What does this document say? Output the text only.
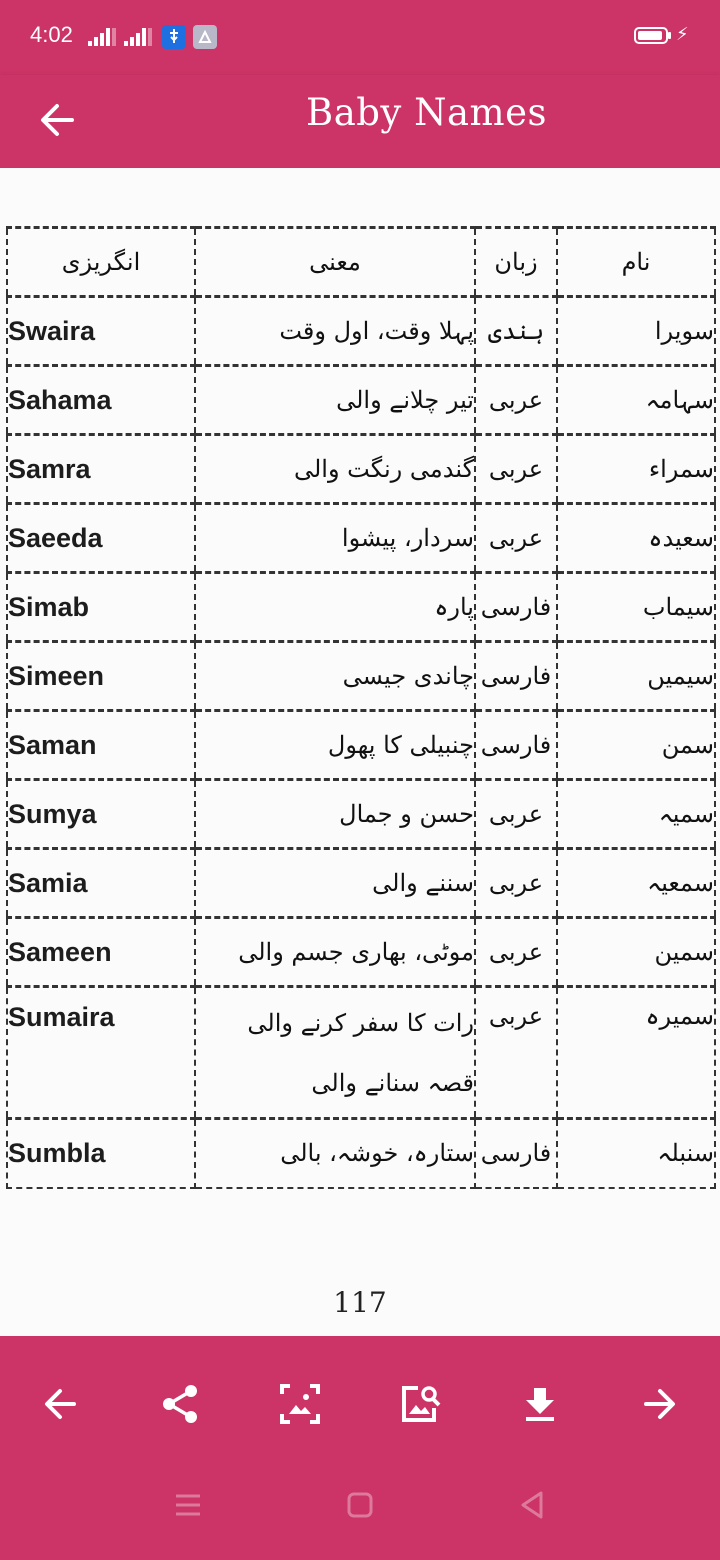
4:02	⚡
Baby Names
انگریزی	معنی	زبان	نام
Swaira	پہلا وقت، اول وقت	ہندی	سویرا
Sahama	تیر چلانے والی	عربی	سہامہ
Samra	گندمی رنگت والی	عربی	سمراء
Saeeda	سردار، پیشوا	عربی	سعیدہ
Simab	پارہ	فارسی	سیماب
Simeen	چاندی جیسی	فارسی	سیمیں
Saman	چنبیلی کا پھول	فارسی	سمن
Sumya	حسن و جمال	عربی	سمیہ
Samia	سننے والی	عربی	سمعیہ
Sameen	موٹی، بھاری جسم والی	عربی	سمین
Sumaira	رات کا سفر کرنے والی قصہ سنانے والی	عربی	سمیرہ
Sumbla	ستارہ، خوشہ، بالی	فارسی	سنبلہ
117
